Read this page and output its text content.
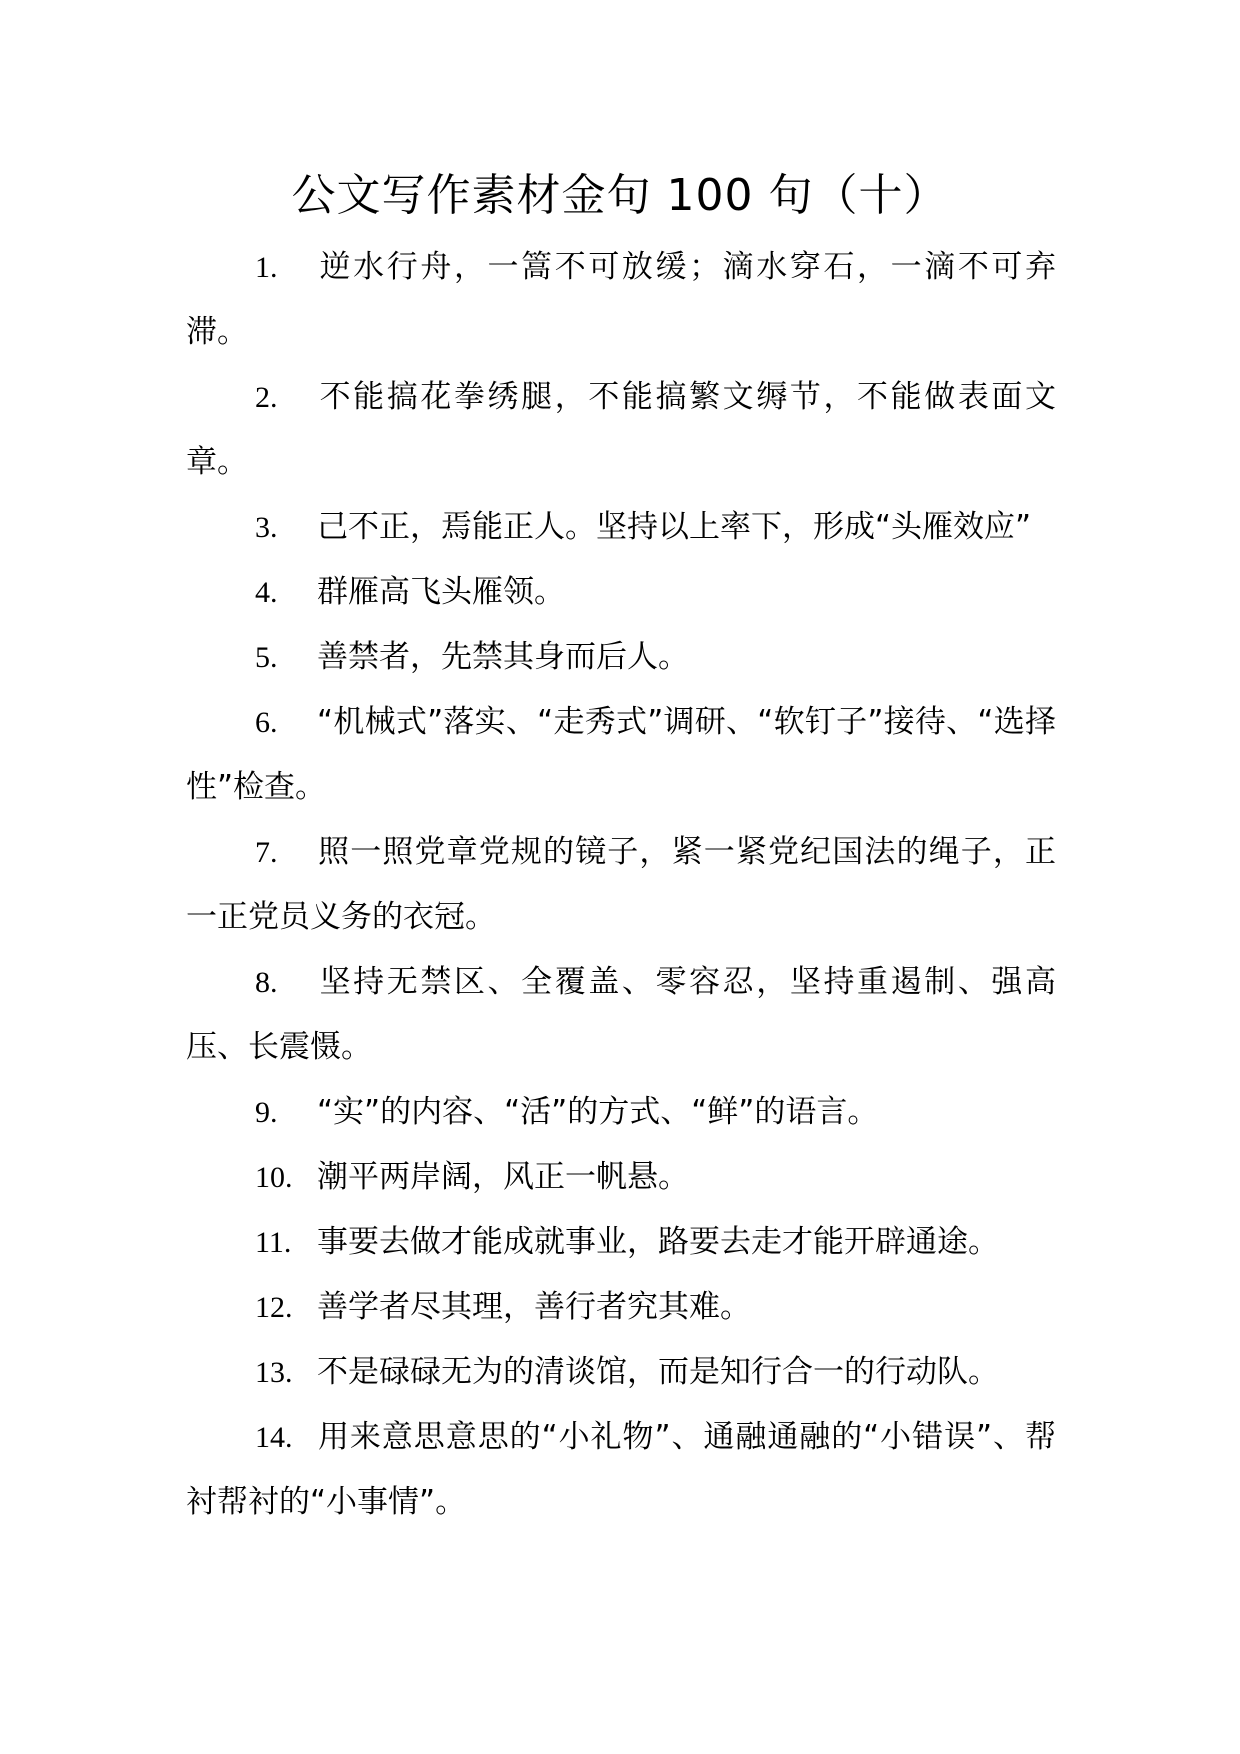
公文写作素材金句 100 句（十）

1. 逆水行舟，一篙不可放缓；滴水穿石，一滴不可弃滞。

2. 不能搞花拳绣腿，不能搞繁文缛节，不能做表面文章。

3. 己不正，焉能正人。坚持以上率下，形成“头雁效应”

4. 群雁高飞头雁领。

5. 善禁者，先禁其身而后人。

6. “机械式”落实、“走秀式”调研、“软钉子”接待、“选择性”检查。

7. 照一照党章党规的镜子，紧一紧党纪国法的绳子，正一正党员义务的衣冠。

8. 坚持无禁区、全覆盖、零容忍，坚持重遏制、强高压、长震慑。

9. “实”的内容、“活”的方式、“鲜”的语言。

10. 潮平两岸阔，风正一帆悬。

11. 事要去做才能成就事业，路要去走才能开辟通途。

12. 善学者尽其理，善行者究其难。

13. 不是碌碌无为的清谈馆，而是知行合一的行动队。

14. 用来意思意思的“小礼物”、通融通融的“小错误”、帮衬帮衬的“小事情”。
